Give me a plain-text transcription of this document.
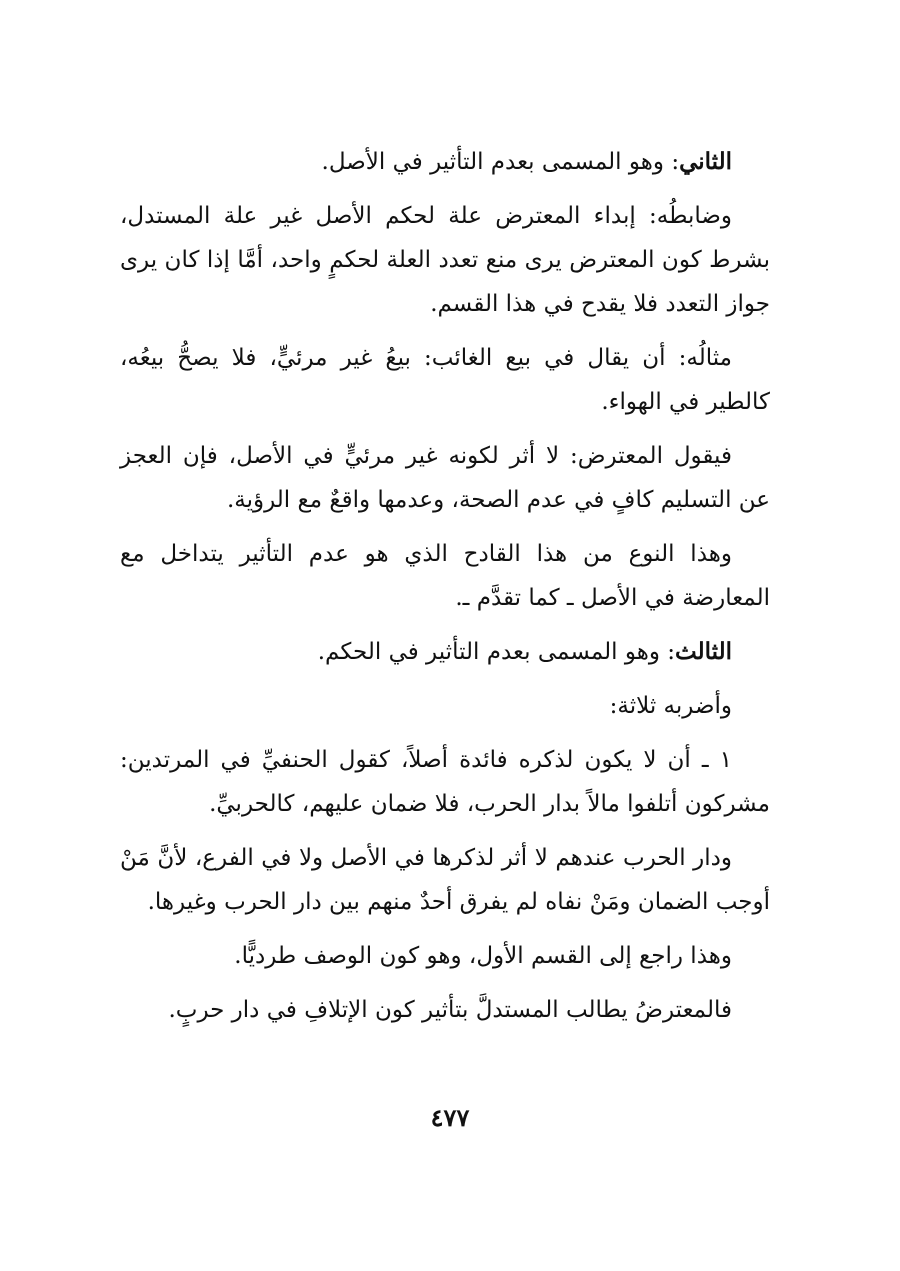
الثاني: وهو المسمى بعدم التأثير في الأصل.

وضابطُه: إبداء المعترض علة لحكم الأصل غير علة المستدل، بشرط كون المعترض يرى منع تعدد العلة لحكمٍ واحد، أمَّا إذا كان يرى جواز التعدد فلا يقدح في هذا القسم.

مثالُه: أن يقال في بيع الغائب: بيعُ غير مرئيٍّ، فلا يصحُّ بيعُه، كالطير في الهواء.

فيقول المعترض: لا أثر لكونه غير مرئيٍّ في الأصل، فإن العجز عن التسليم كافٍ في عدم الصحة، وعدمها واقعٌ مع الرؤية.

وهذا النوع من هذا القادح الذي هو عدم التأثير يتداخل مع المعارضة في الأصل ـ كما تقدَّم ـ.

الثالث: وهو المسمى بعدم التأثير في الحكم.

وأضربه ثلاثة:

١ ـ أن لا يكون لذكره فائدة أصلاً، كقول الحنفيِّ في المرتدين: مشركون أتلفوا مالاً بدار الحرب، فلا ضمان عليهم، كالحربيِّ.

ودار الحرب عندهم لا أثر لذكرها في الأصل ولا في الفرع، لأنَّ مَنْ أوجب الضمان ومَنْ نفاه لم يفرق أحدٌ منهم بين دار الحرب وغيرها.

وهذا راجع إلى القسم الأول، وهو كون الوصف طرديًّا.

فالمعترضُ يطالب المستدلَّ بتأثير كون الإتلافِ في دار حربٍ.

٤٧٧
